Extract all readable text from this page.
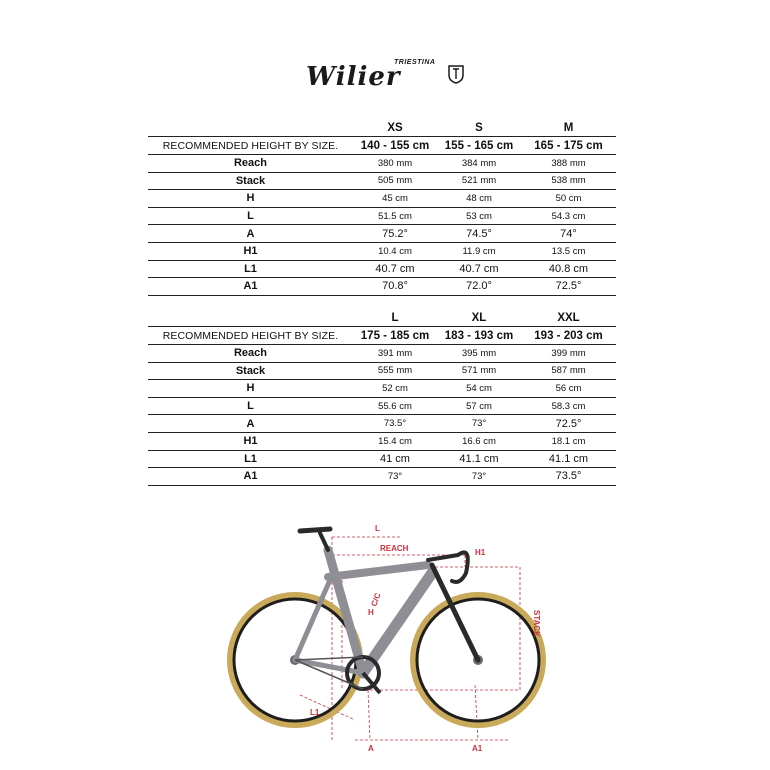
Wilier
TRIESTINA
	XS	S	M
RECOMMENDED HEIGHT BY SIZE.	140 - 155 cm	155 - 165 cm	165 - 175 cm
Reach	380 mm	384 mm	388 mm
Stack	505 mm	521 mm	538 mm
H	45 cm	48 cm	50 cm
L	51.5 cm	53 cm	54.3 cm
A	75.2°	74.5°	74°
H1	10.4 cm	11.9 cm	13.5 cm
L1	40.7 cm	40.7 cm	40.8 cm
A1	70.8°	72.0°	72.5°
	L	XL	XXL
RECOMMENDED HEIGHT BY SIZE.	175 - 185 cm	183 - 193 cm	193 - 203 cm
Reach	391 mm	395 mm	399 mm
Stack	555 mm	571 mm	587 mm
H	52 cm	54 cm	56 cm
L	55.6 cm	57 cm	58.3 cm
A	73.5°	73°	72.5°
H1	15.4 cm	16.6 cm	18.1 cm
L1	41 cm	41.1 cm	41.1 cm
A1	73°	73°	73.5°
L
REACH	H1
C/C
H	STACK
L1
A	A1
